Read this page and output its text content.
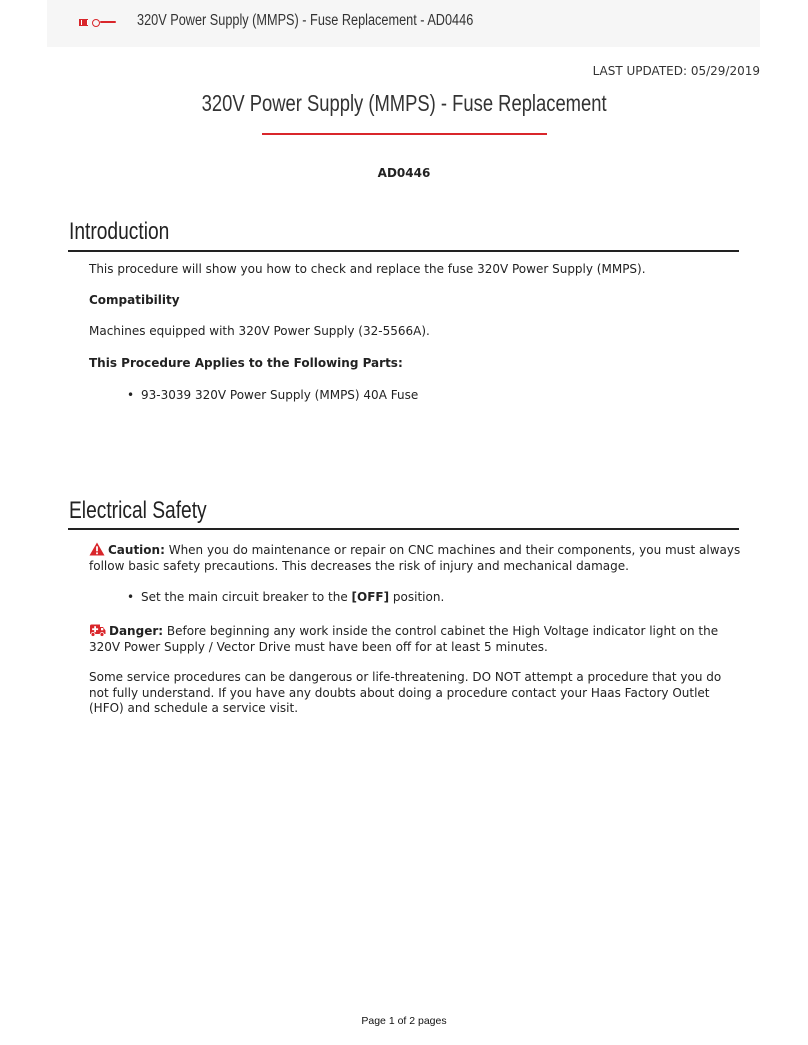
320V Power Supply (MMPS) - Fuse Replacement - AD0446
LAST UPDATED: 05/29/2019
320V Power Supply (MMPS) - Fuse Replacement
AD0446
Introduction
This procedure will show you how to check and replace the fuse 320V Power Supply (MMPS).
Compatibility
Machines equipped with 320V Power Supply (32-5566A).
This Procedure Applies to the Following Parts:
• 93-3039 320V Power Supply (MMPS) 40A Fuse
Electrical Safety
Caution: When you do maintenance or repair on CNC machines and their components, you must always follow basic safety precautions. This decreases the risk of injury and mechanical damage.
• Set the main circuit breaker to the [OFF] position.
Danger: Before beginning any work inside the control cabinet the High Voltage indicator light on the 320V Power Supply / Vector Drive must have been off for at least 5 minutes.
Some service procedures can be dangerous or life-threatening. DO NOT attempt a procedure that you do not fully understand. If you have any doubts about doing a procedure contact your Haas Factory Outlet (HFO) and schedule a service visit.
Page 1 of 2 pages
